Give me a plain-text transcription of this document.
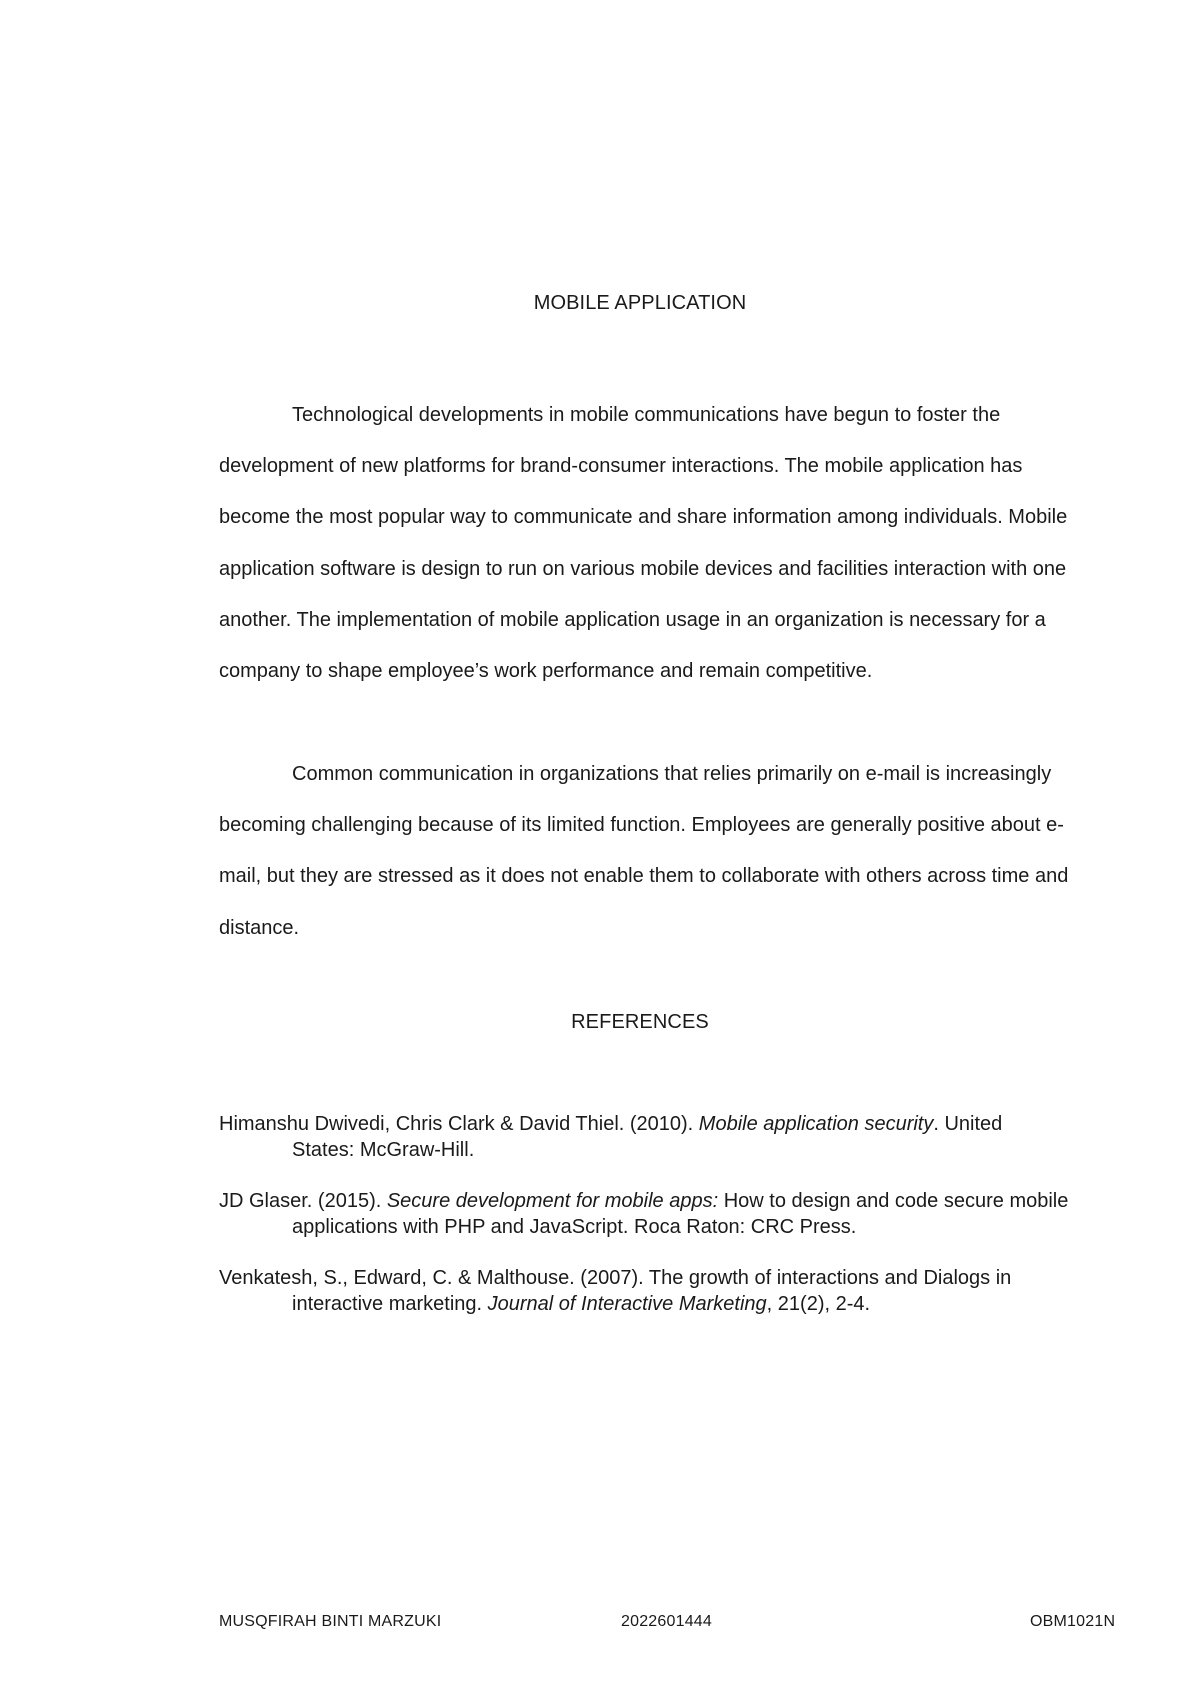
MOBILE APPLICATION

Technological developments in mobile communications have begun to foster the development of new platforms for brand-consumer interactions. The mobile application has become the most popular way to communicate and share information among individuals. Mobile application software is design to run on various mobile devices and facilities interaction with one another. The implementation of mobile application usage in an organization is necessary for a company to shape employee’s work performance and remain competitive.

Common communication in organizations that relies primarily on e-mail is increasingly becoming challenging because of its limited function. Employees are generally positive about e-mail, but they are stressed as it does not enable them to collaborate with others across time and distance.

REFERENCES

Himanshu Dwivedi, Chris Clark & David Thiel. (2010). Mobile application security. United States: McGraw-Hill.

JD Glaser. (2015). Secure development for mobile apps: How to design and code secure mobile applications with PHP and JavaScript. Roca Raton: CRC Press.

Venkatesh, S., Edward, C. & Malthouse. (2007). The growth of interactions and Dialogs in interactive marketing. Journal of Interactive Marketing, 21(2), 2-4.

MUSQFIRAH BINTI MARZUKI	2022601444	OBM1021N
